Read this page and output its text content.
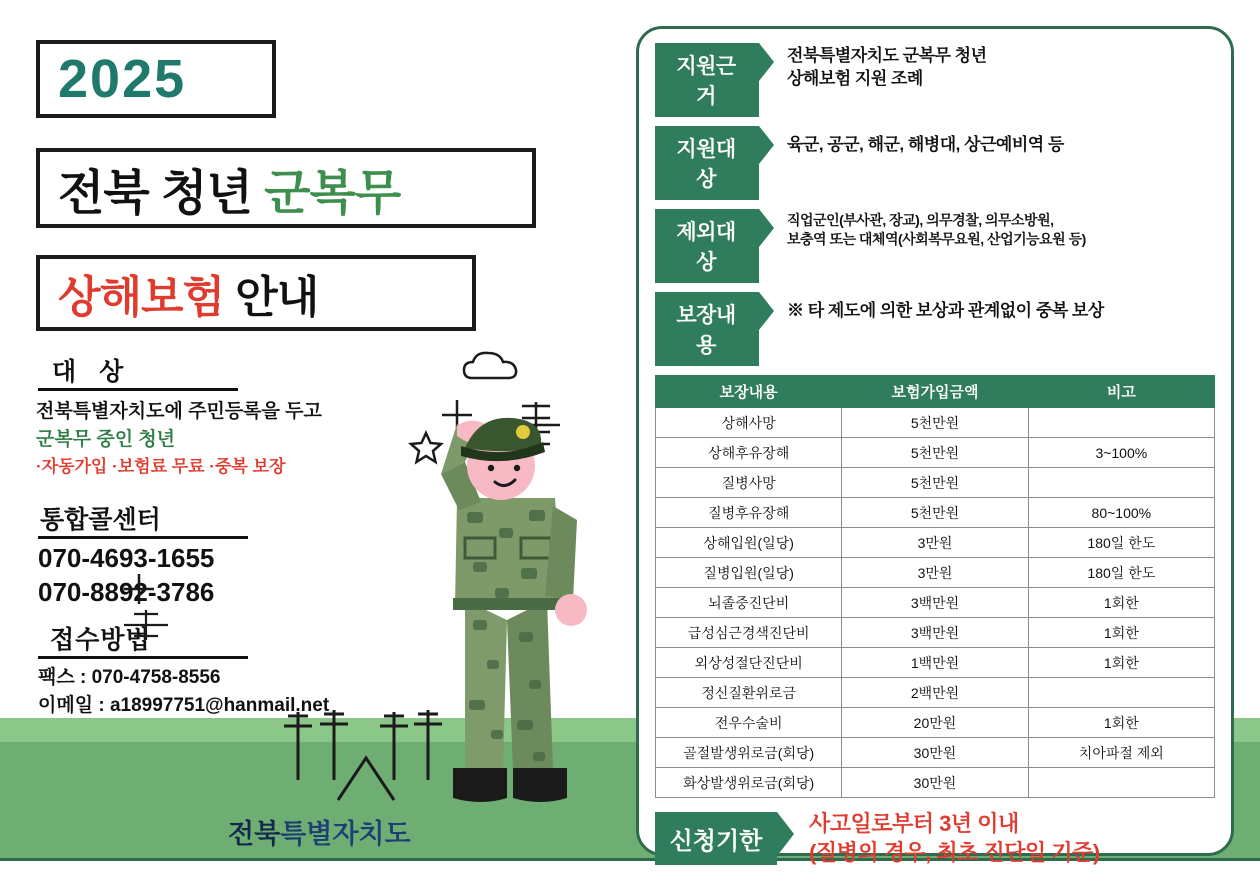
2025
전북 청년 군복무
상해보험 안내
대 상
전북특별자치도에 주민등록을 두고
군복무 중인 청년
·자동가입 ·보험료 무료 ·중복 보장
통합콜센터
070-4693-1655
070-8892-3786
접수방법
팩스 : 070-4758-8556
이메일 : a18997751@hanmail.net
전북특별자치도
지원근거
전북특별자치도 군복무 청년
상해보험 지원 조례
지원대상
육군, 공군, 해군, 해병대, 상근예비역 등
제외대상
직업군인(부사관, 장교), 의무경찰, 의무소방원,
보충역 또는 대체역(사회복무요원, 산업기능요원 등)
보장내용
※ 타 제도에 의한 보상과 관계없이 중복 보상
보장내용	보험가입금액	비고
상해사망	5천만원	
상해후유장해	5천만원	3~100%
질병사망	5천만원	
질병후유장해	5천만원	80~100%
상해입원(일당)	3만원	180일 한도
질병입원(일당)	3만원	180일 한도
뇌졸중진단비	3백만원	1회한
급성심근경색진단비	3백만원	1회한
외상성절단진단비	1백만원	1회한
정신질환위로금	2백만원	
전우수술비	20만원	1회한
골절발생위로금(회당)	30만원	치아파절 제외
화상발생위로금(회당)	30만원	
신청기한
사고일로부터 3년 이내
(질병의 경우, 최초 진단일 기준)
